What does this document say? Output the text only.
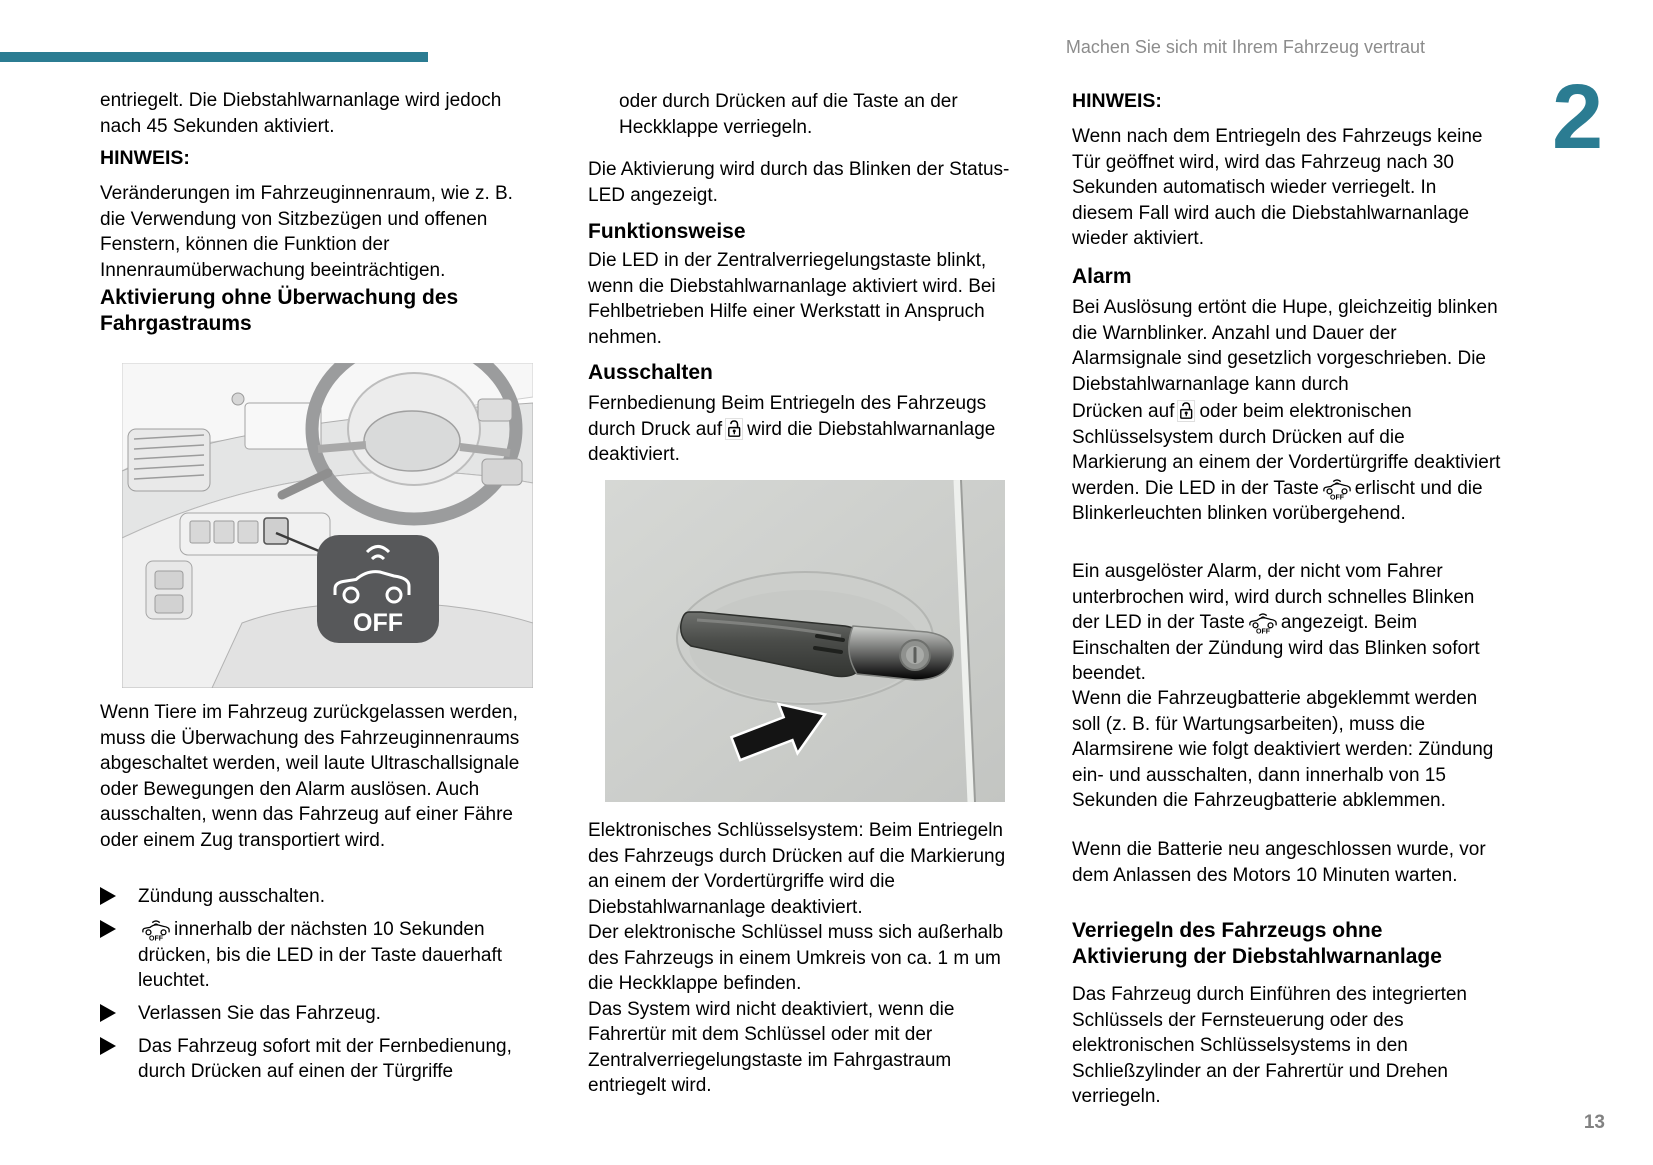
Machen Sie sich mit Ihrem Fahrzeug vertraut
2
13

entriegelt. Die Diebstahlwarnanlage wird jedoch nach 45 Sekunden aktiviert.

HINWEIS:

Veränderungen im Fahrzeuginnenraum, wie z. B. die Verwendung von Sitzbezügen und offenen Fenstern, können die Funktion der Innenraumüberwachung beeinträchtigen.

Aktivierung ohne Überwachung des Fahrgastraums
OFF

Wenn Tiere im Fahrzeug zurückgelassen werden, muss die Überwachung des Fahrzeuginnenraums abgeschaltet werden, weil laute Ultraschallsignale oder Bewegungen den Alarm auslösen. Auch ausschalten, wenn das Fahrzeug auf einer Fähre oder einem Zug transportiert wird.

Zündung ausschalten.
OFF innerhalb der nächsten 10 Sekunden drücken, bis die LED in der Taste dauerhaft leuchtet.
Verlassen Sie das Fahrzeug.
Das Fahrzeug sofort mit der Fernbedienung, durch Drücken auf einen der Türgriffe

oder durch Drücken auf die Taste an der Heckklappe verriegeln.

Die Aktivierung wird durch das Blinken der Status-LED angezeigt.

Funktionsweise

Die LED in der Zentralverriegelungstaste blinkt, wenn die Diebstahlwarnanlage aktiviert wird. Bei Fehlbetrieben Hilfe einer Werkstatt in Anspruch nehmen.

Ausschalten

Fernbedienung Beim Entriegeln des Fahrzeugs durch Druck auf wird die Diebstahlwarnanlage deaktiviert.

Elektronisches Schlüsselsystem: Beim Entriegeln des Fahrzeugs durch Drücken auf die Markierung an einem der Vordertürgriffe wird die Diebstahlwarnanlage deaktiviert.
Der elektronische Schlüssel muss sich außerhalb des Fahrzeugs in einem Umkreis von ca. 1 m um die Heckklappe befinden.
Das System wird nicht deaktiviert, wenn die Fahrertür mit dem Schlüssel oder mit der Zentralverriegelungstaste im Fahrgastraum entriegelt wird.
HINWEIS:

Wenn nach dem Entriegeln des Fahrzeugs keine Tür geöffnet wird, wird das Fahrzeug nach 30 Sekunden automatisch wieder verriegelt. In diesem Fall wird auch die Diebstahlwarnanlage wieder aktiviert.

Alarm

Bei Auslösung ertönt die Hupe, gleichzeitig blinken die Warnblinker. Anzahl und Dauer der Alarmsignale sind gesetzlich vorgeschrieben. Die Diebstahlwarnanlage kann durch

Drücken auf oder beim elektronischen Schlüsselsystem durch Drücken auf die Markierung an einem der Vordertürgriffe deaktiviert werden. Die LED in der Taste OFF erlischt und die Blinkerleuchten blinken vorübergehend.

Ein ausgelöster Alarm, der nicht vom Fahrer unterbrochen wird, wird durch schnelles Blinken der LED in der Taste OFF angezeigt. Beim Einschalten der Zündung wird das Blinken sofort beendet.

Wenn die Fahrzeugbatterie abgeklemmt werden soll (z. B. für Wartungsarbeiten), muss die Alarmsirene wie folgt deaktiviert werden: Zündung ein- und ausschalten, dann innerhalb von 15 Sekunden die Fahrzeugbatterie abklemmen.

Wenn die Batterie neu angeschlossen wurde, vor dem Anlassen des Motors 10 Minuten warten.

Verriegeln des Fahrzeugs ohne Aktivierung der Diebstahlwarnanlage

Das Fahrzeug durch Einführen des integrierten Schlüssels der Fernsteuerung oder des elektronischen Schlüsselsystems in den Schließzylinder an der Fahrertür und Drehen verriegeln.
